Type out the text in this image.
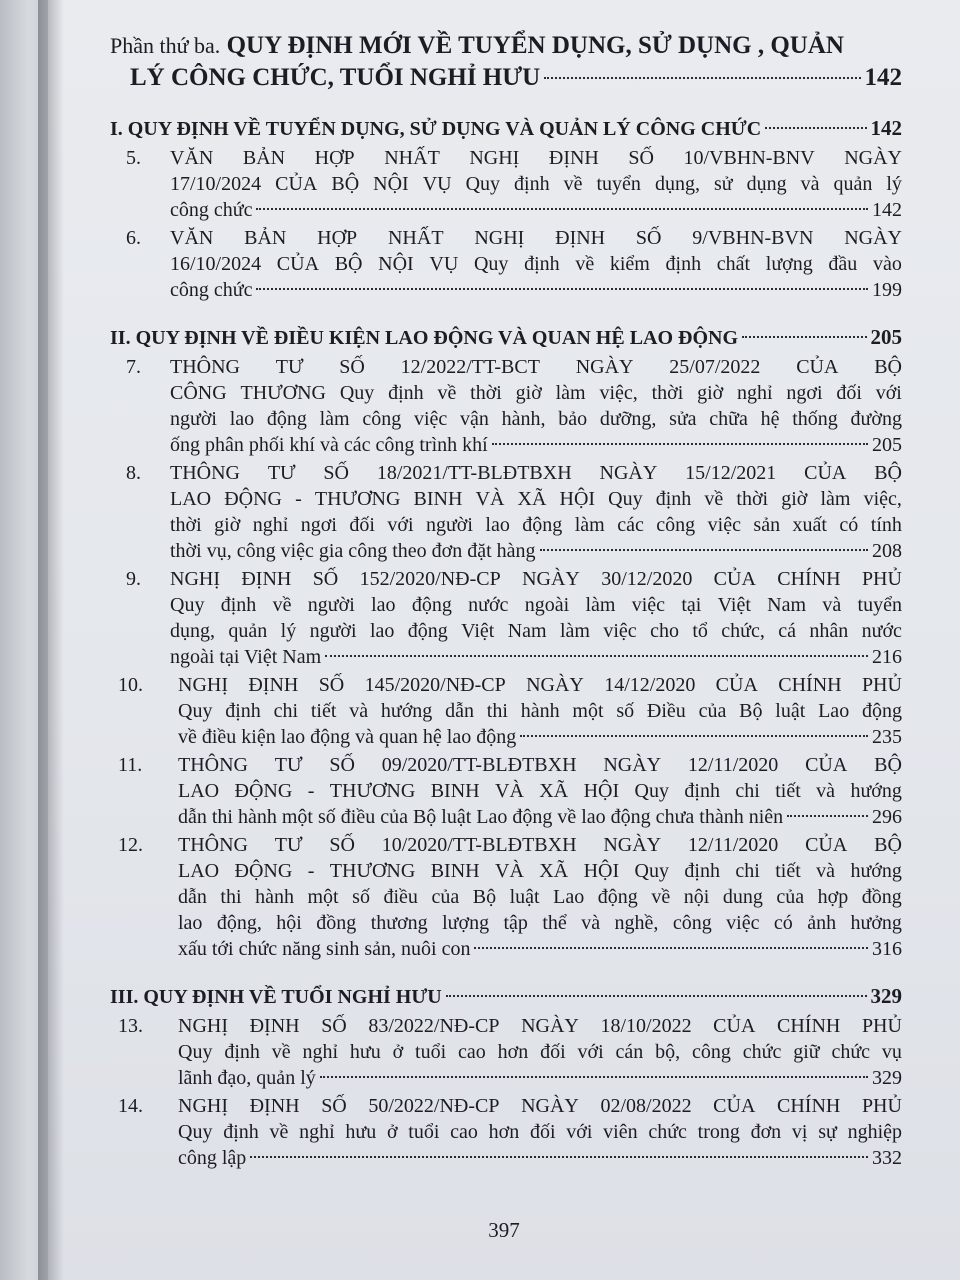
Phần thứ ba. QUY ĐỊNH MỚI VỀ TUYỂN DỤNG, SỬ DỤNG , QUẢN
LÝ CÔNG CHỨC, TUỔI NGHỈ HƯU	142
I. QUY ĐỊNH VỀ TUYỂN DỤNG, SỬ DỤNG VÀ QUẢN LÝ CÔNG CHỨC	142
5.	VĂN BẢN HỢP NHẤT NGHỊ ĐỊNH SỐ 10/VBHN-BNV NGÀY
17/10/2024 CỦA BỘ NỘI VỤ Quy định về tuyển dụng, sử dụng và quản lý
công chức	142
6.	VĂN BẢN HỢP NHẤT NGHỊ ĐỊNH SỐ 9/VBHN-BVN NGÀY
16/10/2024 CỦA BỘ NỘI VỤ Quy định về kiểm định chất lượng đầu vào
công chức	199
II. QUY ĐỊNH VỀ ĐIỀU KIỆN LAO ĐỘNG VÀ QUAN HỆ LAO ĐỘNG	205
7.	THÔNG TƯ SỐ 12/2022/TT-BCT NGÀY 25/07/2022 CỦA BỘ
CÔNG THƯƠNG Quy định về thời giờ làm việc, thời giờ nghỉ ngơi đối với
người lao động làm công việc vận hành, bảo dưỡng, sửa chữa hệ thống đường
ống phân phối khí và các công trình khí	205
8.	THÔNG TƯ SỐ 18/2021/TT-BLĐTBXH NGÀY 15/12/2021 CỦA BỘ
LAO ĐỘNG - THƯƠNG BINH VÀ XÃ HỘI Quy định về thời giờ làm việc,
thời giờ nghỉ ngơi đối với người lao động làm các công việc sản xuất có tính
thời vụ, công việc gia công theo đơn đặt hàng	208
9.	NGHỊ ĐỊNH SỐ 152/2020/NĐ-CP NGÀY 30/12/2020 CỦA CHÍNH PHỦ
Quy định về người lao động nước ngoài làm việc tại Việt Nam và tuyển
dụng, quản lý người lao động Việt Nam làm việc cho tổ chức, cá nhân nước
ngoài tại Việt Nam	216
10.	NGHỊ ĐỊNH SỐ 145/2020/NĐ-CP NGÀY 14/12/2020 CỦA CHÍNH PHỦ
Quy định chi tiết và hướng dẫn thi hành một số Điều của Bộ luật Lao động
về điều kiện lao động và quan hệ lao động	235
11.	THÔNG TƯ SỐ 09/2020/TT-BLĐTBXH NGÀY 12/11/2020 CỦA BỘ
LAO ĐỘNG - THƯƠNG BINH VÀ XÃ HỘI Quy định chi tiết và hướng
dẫn thi hành một số điều của Bộ luật Lao động về lao động chưa thành niên	296
12.	THÔNG TƯ SỐ 10/2020/TT-BLĐTBXH NGÀY 12/11/2020 CỦA BỘ
LAO ĐỘNG - THƯƠNG BINH VÀ XÃ HỘI Quy định chi tiết và hướng
dẫn thi hành một số điều của Bộ luật Lao động về nội dung của hợp đồng
lao động, hội đồng thương lượng tập thể và nghề, công việc có ảnh hưởng
xấu tới chức năng sinh sản, nuôi con	316
III. QUY ĐỊNH VỀ TUỔI NGHỈ HƯU	329
13.	NGHỊ ĐỊNH SỐ 83/2022/NĐ-CP NGÀY 18/10/2022 CỦA CHÍNH PHỦ
Quy định về nghỉ hưu ở tuổi cao hơn đối với cán bộ, công chức giữ chức vụ
lãnh đạo, quản lý	329
14.	NGHỊ ĐỊNH SỐ 50/2022/NĐ-CP NGÀY 02/08/2022 CỦA CHÍNH PHỦ
Quy định về nghỉ hưu ở tuổi cao hơn đối với viên chức trong đơn vị sự nghiệp
công lập	332
397
